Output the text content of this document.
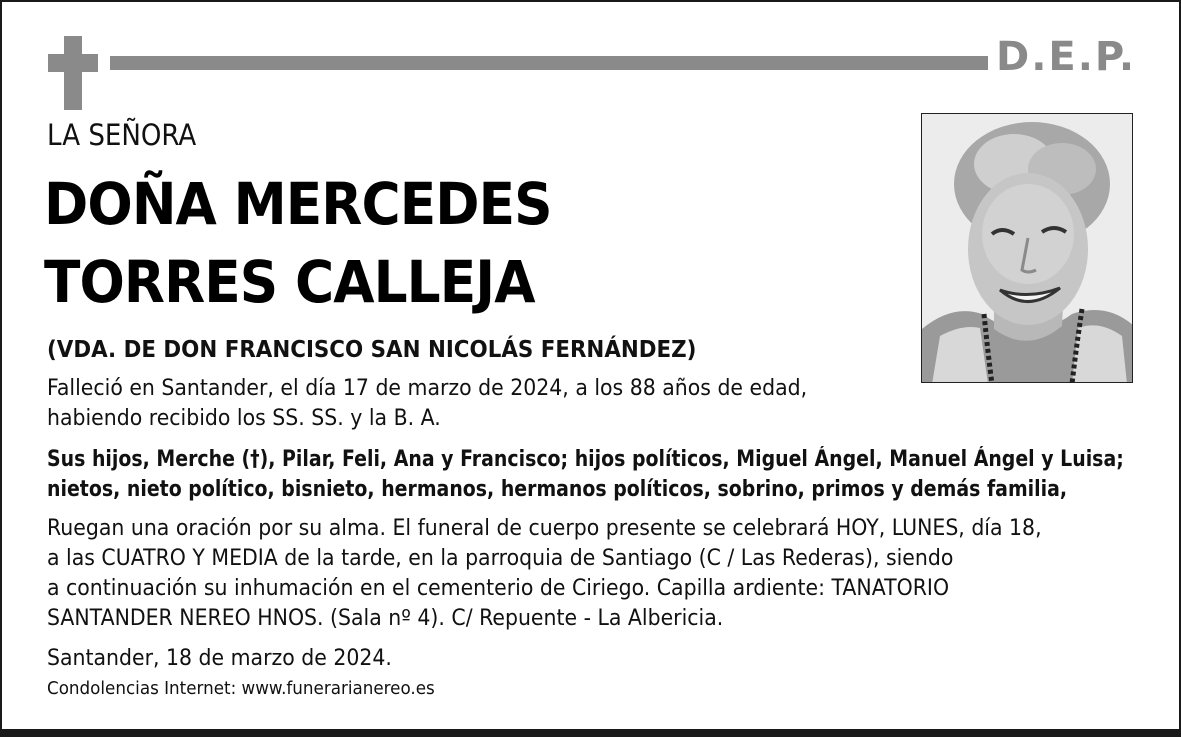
D.E.P.
LA SEÑORA
DOÑA MERCEDES
TORRES CALLEJA
(VDA. DE DON FRANCISCO SAN NICOLÁS FERNÁNDEZ)
Falleció en Santander, el día 17 de marzo de 2024, a los 88 años de edad,
habiendo recibido los SS. SS. y la B. A.
Sus hijos, Merche (†), Pilar, Feli, Ana y Francisco; hijos políticos, Miguel Ángel, Manuel Ángel y Luisa;
nietos, nieto político, bisnieto, hermanos, hermanos políticos, sobrino, primos y demás familia,
Ruegan una oración por su alma. El funeral de cuerpo presente se celebrará HOY, LUNES, día 18,
a las CUATRO Y MEDIA de la tarde, en la parroquia de Santiago (C / Las Rederas), siendo
a continuación su inhumación en el cementerio de Ciriego. Capilla ardiente: TANATORIO
SANTANDER NEREO HNOS. (Sala nº 4). C/ Repuente - La Albericia.
Santander, 18 de marzo de 2024.
Condolencias Internet: www.funerarianereo.es
